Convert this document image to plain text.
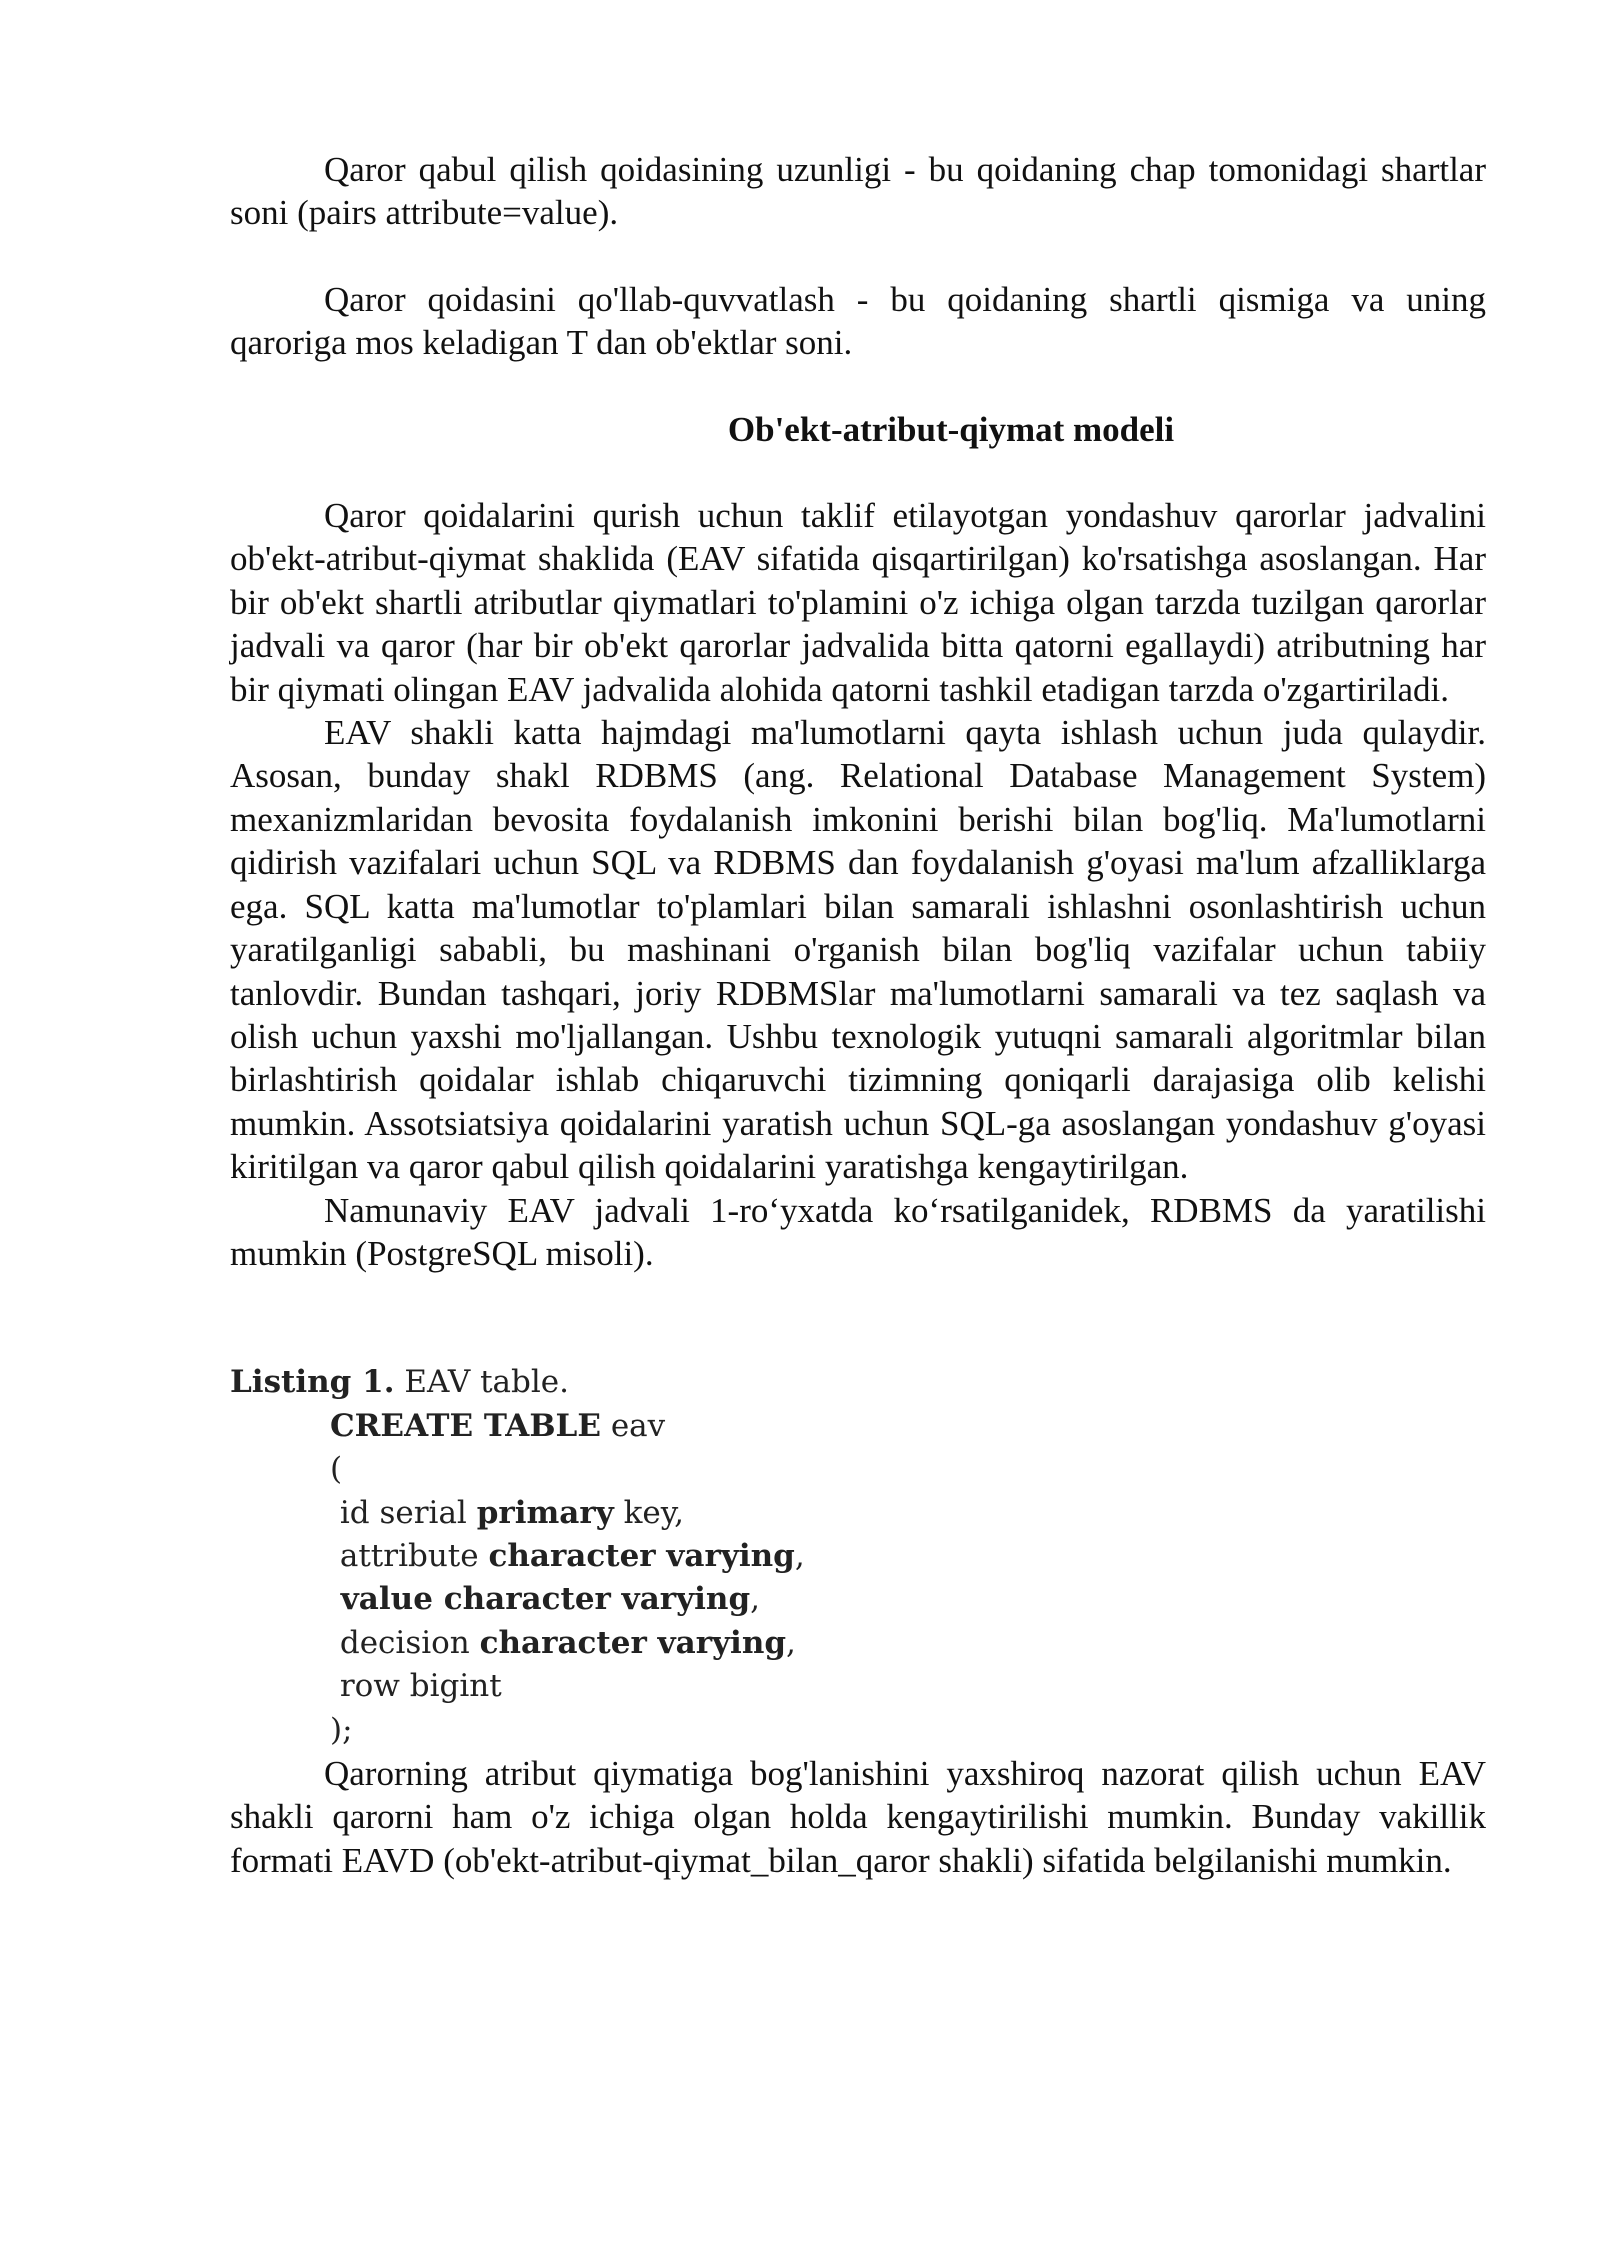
Qaror qabul qilish qoidasining uzunligi - bu qoidaning chap tomonidagi shartlar soni (pairs attribute=value).

Qaror qoidasini qo'llab-quvvatlash - bu qoidaning shartli qismiga va uning qaroriga mos keladigan T dan ob'ektlar soni.

Ob'ekt-atribut-qiymat modeli

Qaror qoidalarini qurish uchun taklif etilayotgan yondashuv qarorlar jadvalini ob'ekt-atribut-qiymat shaklida (EAV sifatida qisqartirilgan) ko'rsatishga asoslangan. Har bir ob'ekt shartli atributlar qiymatlari to'plamini o'z ichiga olgan tarzda tuzilgan qarorlar jadvali va qaror (har bir ob'ekt qarorlar jadvalida bitta qatorni egallaydi) atributning har bir qiymati olingan EAV jadvalida alohida qatorni tashkil etadigan tarzda o'zgartiriladi.

EAV shakli katta hajmdagi ma'lumotlarni qayta ishlash uchun juda qulaydir. Asosan, bunday shakl RDBMS (ang. Relational Database Management System) mexanizmlaridan bevosita foydalanish imkonini berishi bilan bog'liq. Ma'lumotlarni qidirish vazifalari uchun SQL va RDBMS dan foydalanish g'oyasi ma'lum afzalliklarga ega. SQL katta ma'lumotlar to'plamlari bilan samarali ishlashni osonlashtirish uchun yaratilganligi sababli, bu mashinani o'rganish bilan bog'liq vazifalar uchun tabiiy tanlovdir. Bundan tashqari, joriy RDBMSlar ma'lumotlarni samarali va tez saqlash va olish uchun yaxshi mo'ljallangan. Ushbu texnologik yutuqni samarali algoritmlar bilan birlashtirish qoidalar ishlab chiqaruvchi tizimning qoniqarli darajasiga olib kelishi mumkin. Assotsiatsiya qoidalarini yaratish uchun SQL-ga asoslangan yondashuv g'oyasi kiritilgan va qaror qabul qilish qoidalarini yaratishga kengaytirilgan.

Namunaviy EAV jadvali 1-ro‘yxatda ko‘rsatilganidek, RDBMS da yaratilishi mumkin (PostgreSQL misoli).

Listing 1. EAV table.
CREATE TABLE eav
(
id serial primary key,
attribute character varying,
value character varying,
decision character varying,
row bigint
);

Qarorning atribut qiymatiga bog'lanishini yaxshiroq nazorat qilish uchun EAV shakli qarorni ham o'z ichiga olgan holda kengaytirilishi mumkin. Bunday vakillik formati EAVD (ob'ekt-atribut-qiymat_bilan_qaror shakli) sifatida belgilanishi mumkin.
